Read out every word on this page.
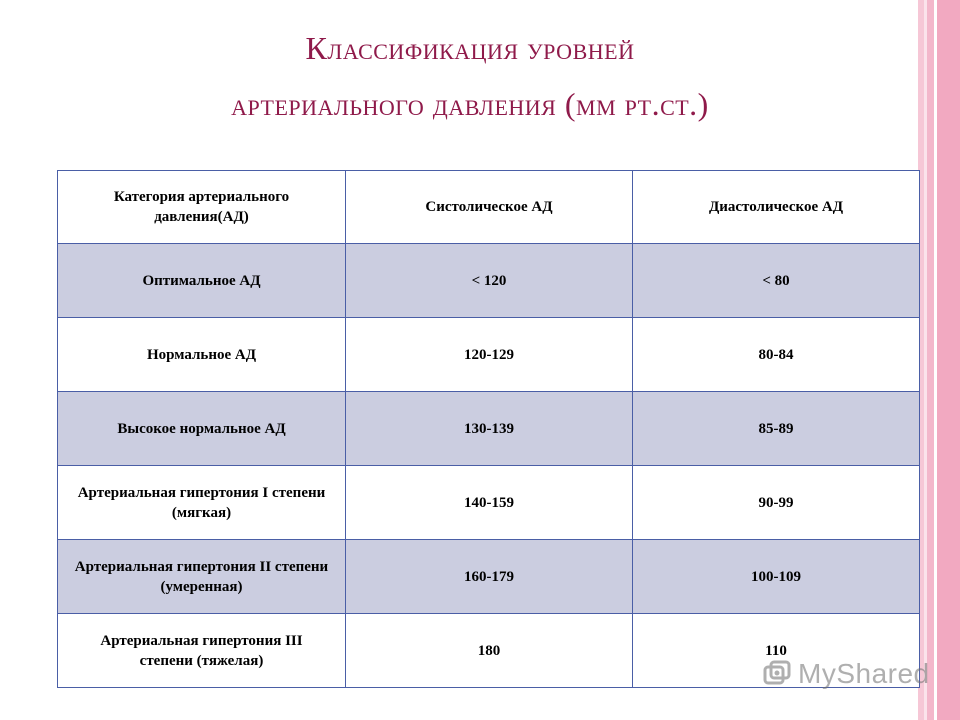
Классификация уровней
артериального давления (мм рт.ст.)
Категория артериального давления(АД)	Систолическое АД	Диастолическое АД
Оптимальное АД	< 120	< 80
Нормальное АД	120-129	80-84
Высокое нормальное АД	130-139	85-89
Артериальная гипертония I степени (мягкая)	140-159	90-99
Артериальная гипертония II степени (умеренная)	160-179	100-109
Артериальная гипертония III степени (тяжелая)	180	110
MyShared
